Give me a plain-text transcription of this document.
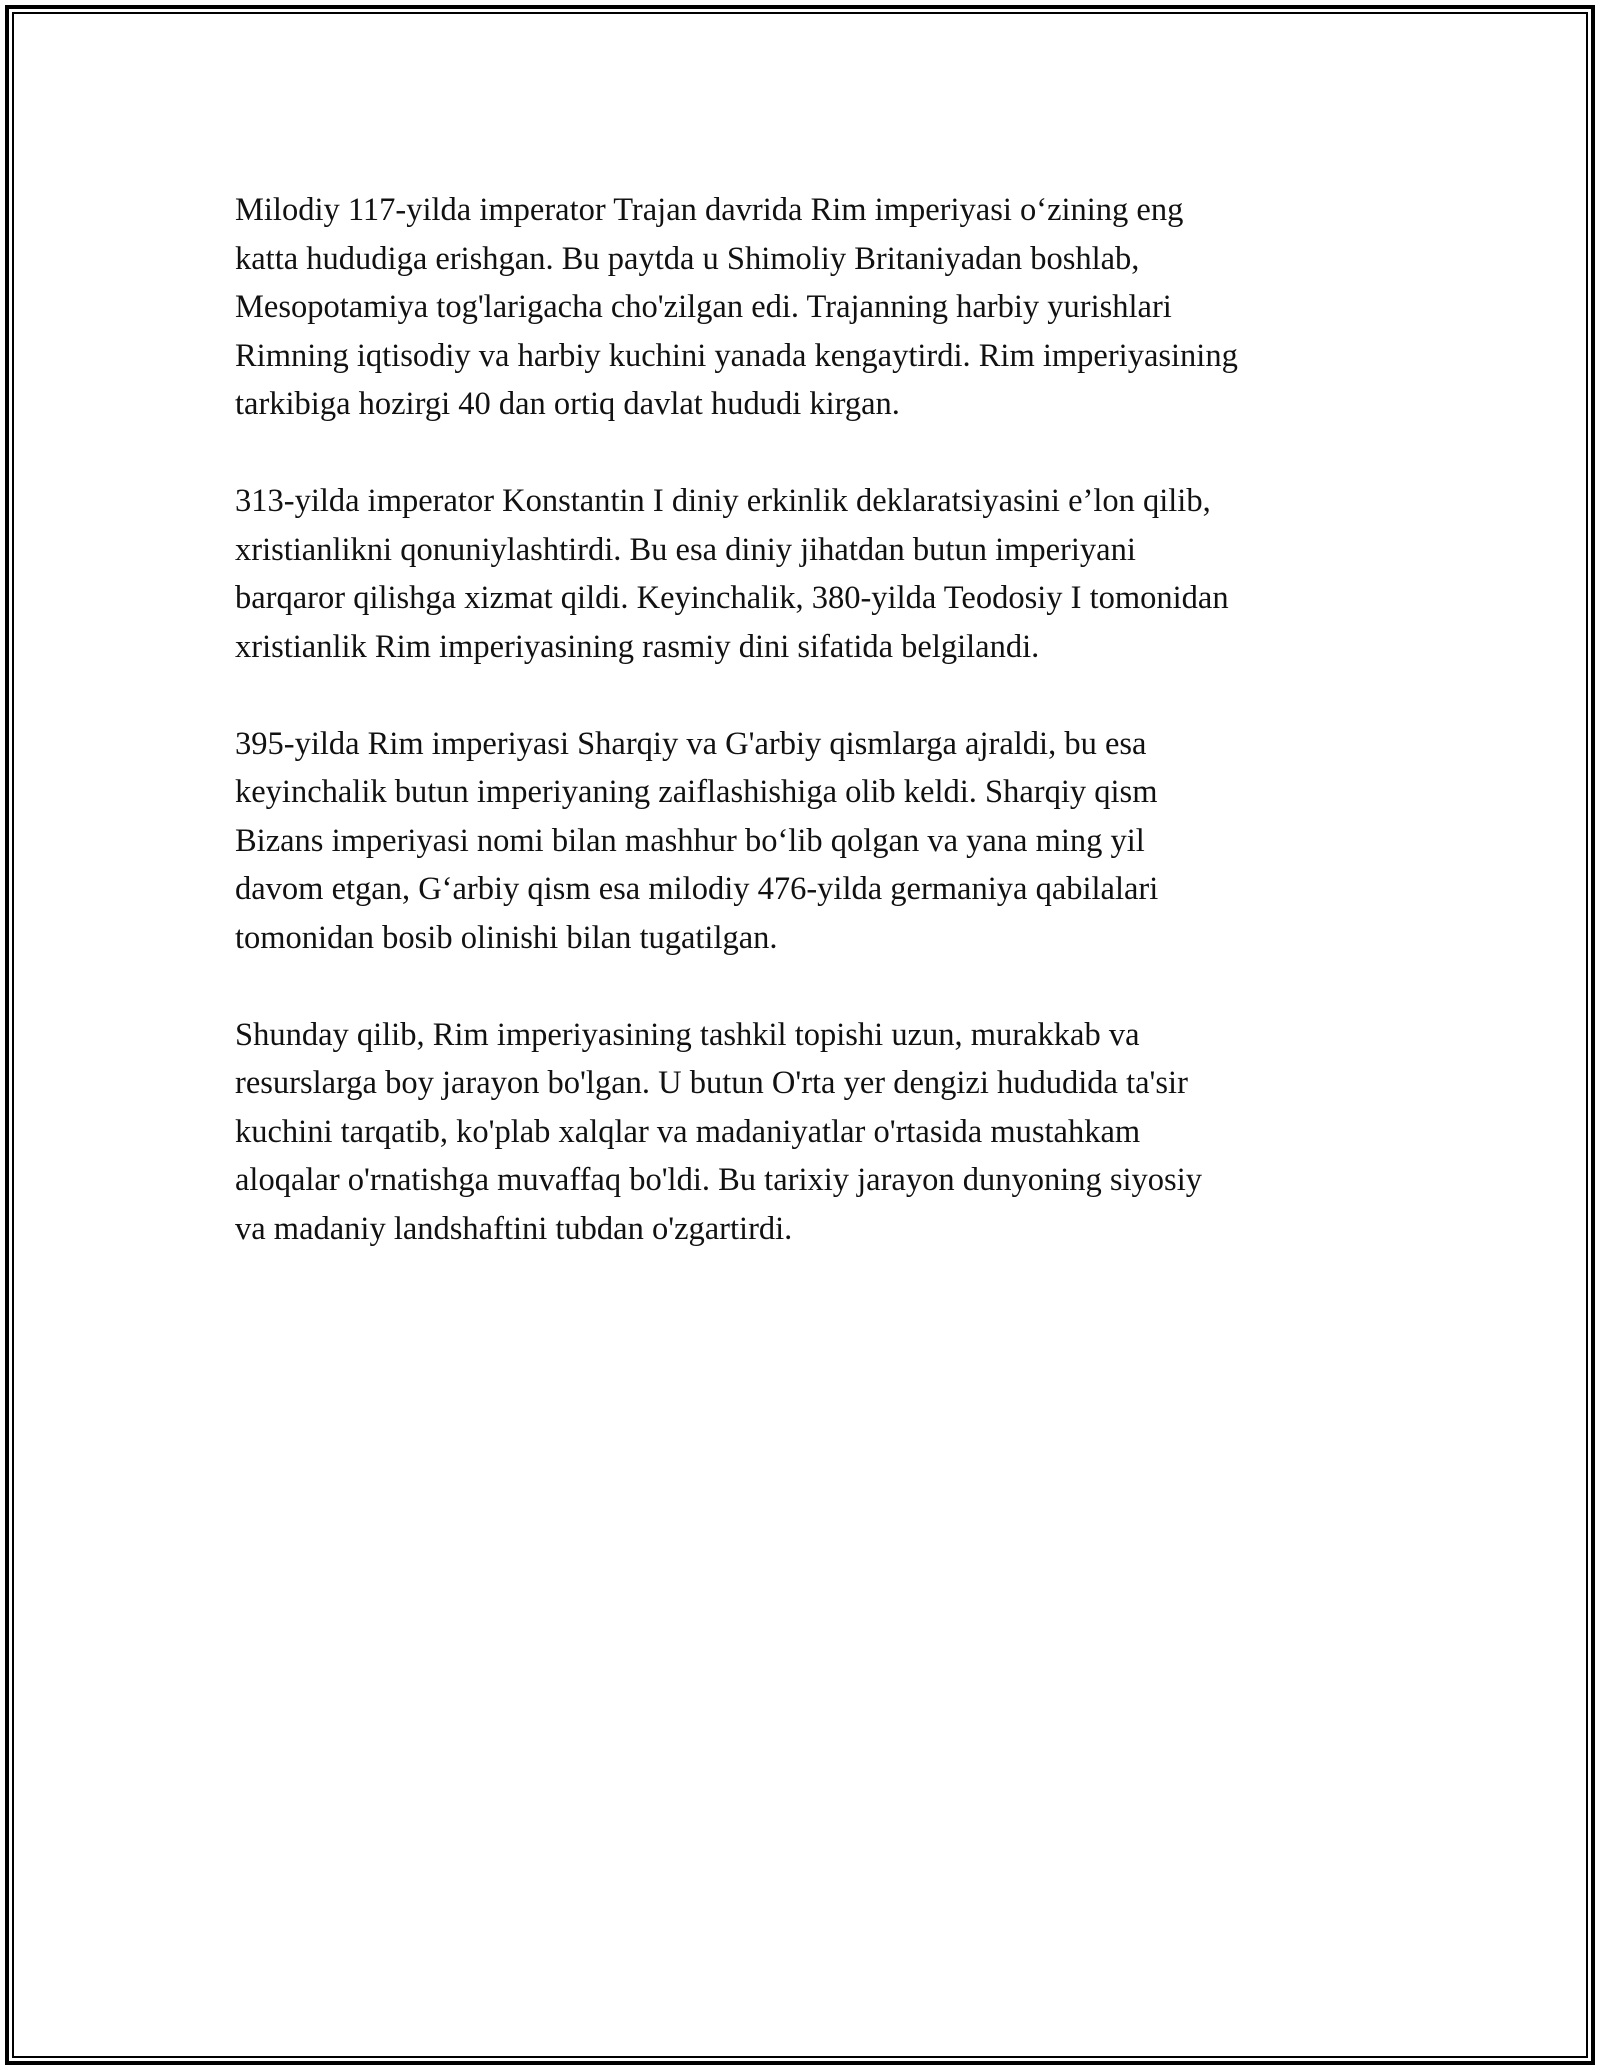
Milodiy 117-yilda imperator Trajan davrida Rim imperiyasi o‘zining eng
katta hududiga erishgan. Bu paytda u Shimoliy Britaniyadan boshlab,
Mesopotamiya tog'larigacha cho'zilgan edi. Trajanning harbiy yurishlari
Rimning iqtisodiy va harbiy kuchini yanada kengaytirdi. Rim imperiyasining
tarkibiga hozirgi 40 dan ortiq davlat hududi kirgan.
313-yilda imperator Konstantin I diniy erkinlik deklaratsiyasini e’lon qilib,
xristianlikni qonuniylashtirdi. Bu esa diniy jihatdan butun imperiyani
barqaror qilishga xizmat qildi. Keyinchalik, 380-yilda Teodosiy I tomonidan
xristianlik Rim imperiyasining rasmiy dini sifatida belgilandi.
395-yilda Rim imperiyasi Sharqiy va G'arbiy qismlarga ajraldi, bu esa
keyinchalik butun imperiyaning zaiflashishiga olib keldi. Sharqiy qism
Bizans imperiyasi nomi bilan mashhur bo‘lib qolgan va yana ming yil
davom etgan, G‘arbiy qism esa milodiy 476-yilda germaniya qabilalari
tomonidan bosib olinishi bilan tugatilgan.
Shunday qilib, Rim imperiyasining tashkil topishi uzun, murakkab va
resurslarga boy jarayon bo'lgan. U butun O'rta yer dengizi hududida ta'sir
kuchini tarqatib, ko'plab xalqlar va madaniyatlar o'rtasida mustahkam
aloqalar o'rnatishga muvaffaq bo'ldi. Bu tarixiy jarayon dunyoning siyosiy
va madaniy landshaftini tubdan o'zgartirdi.
